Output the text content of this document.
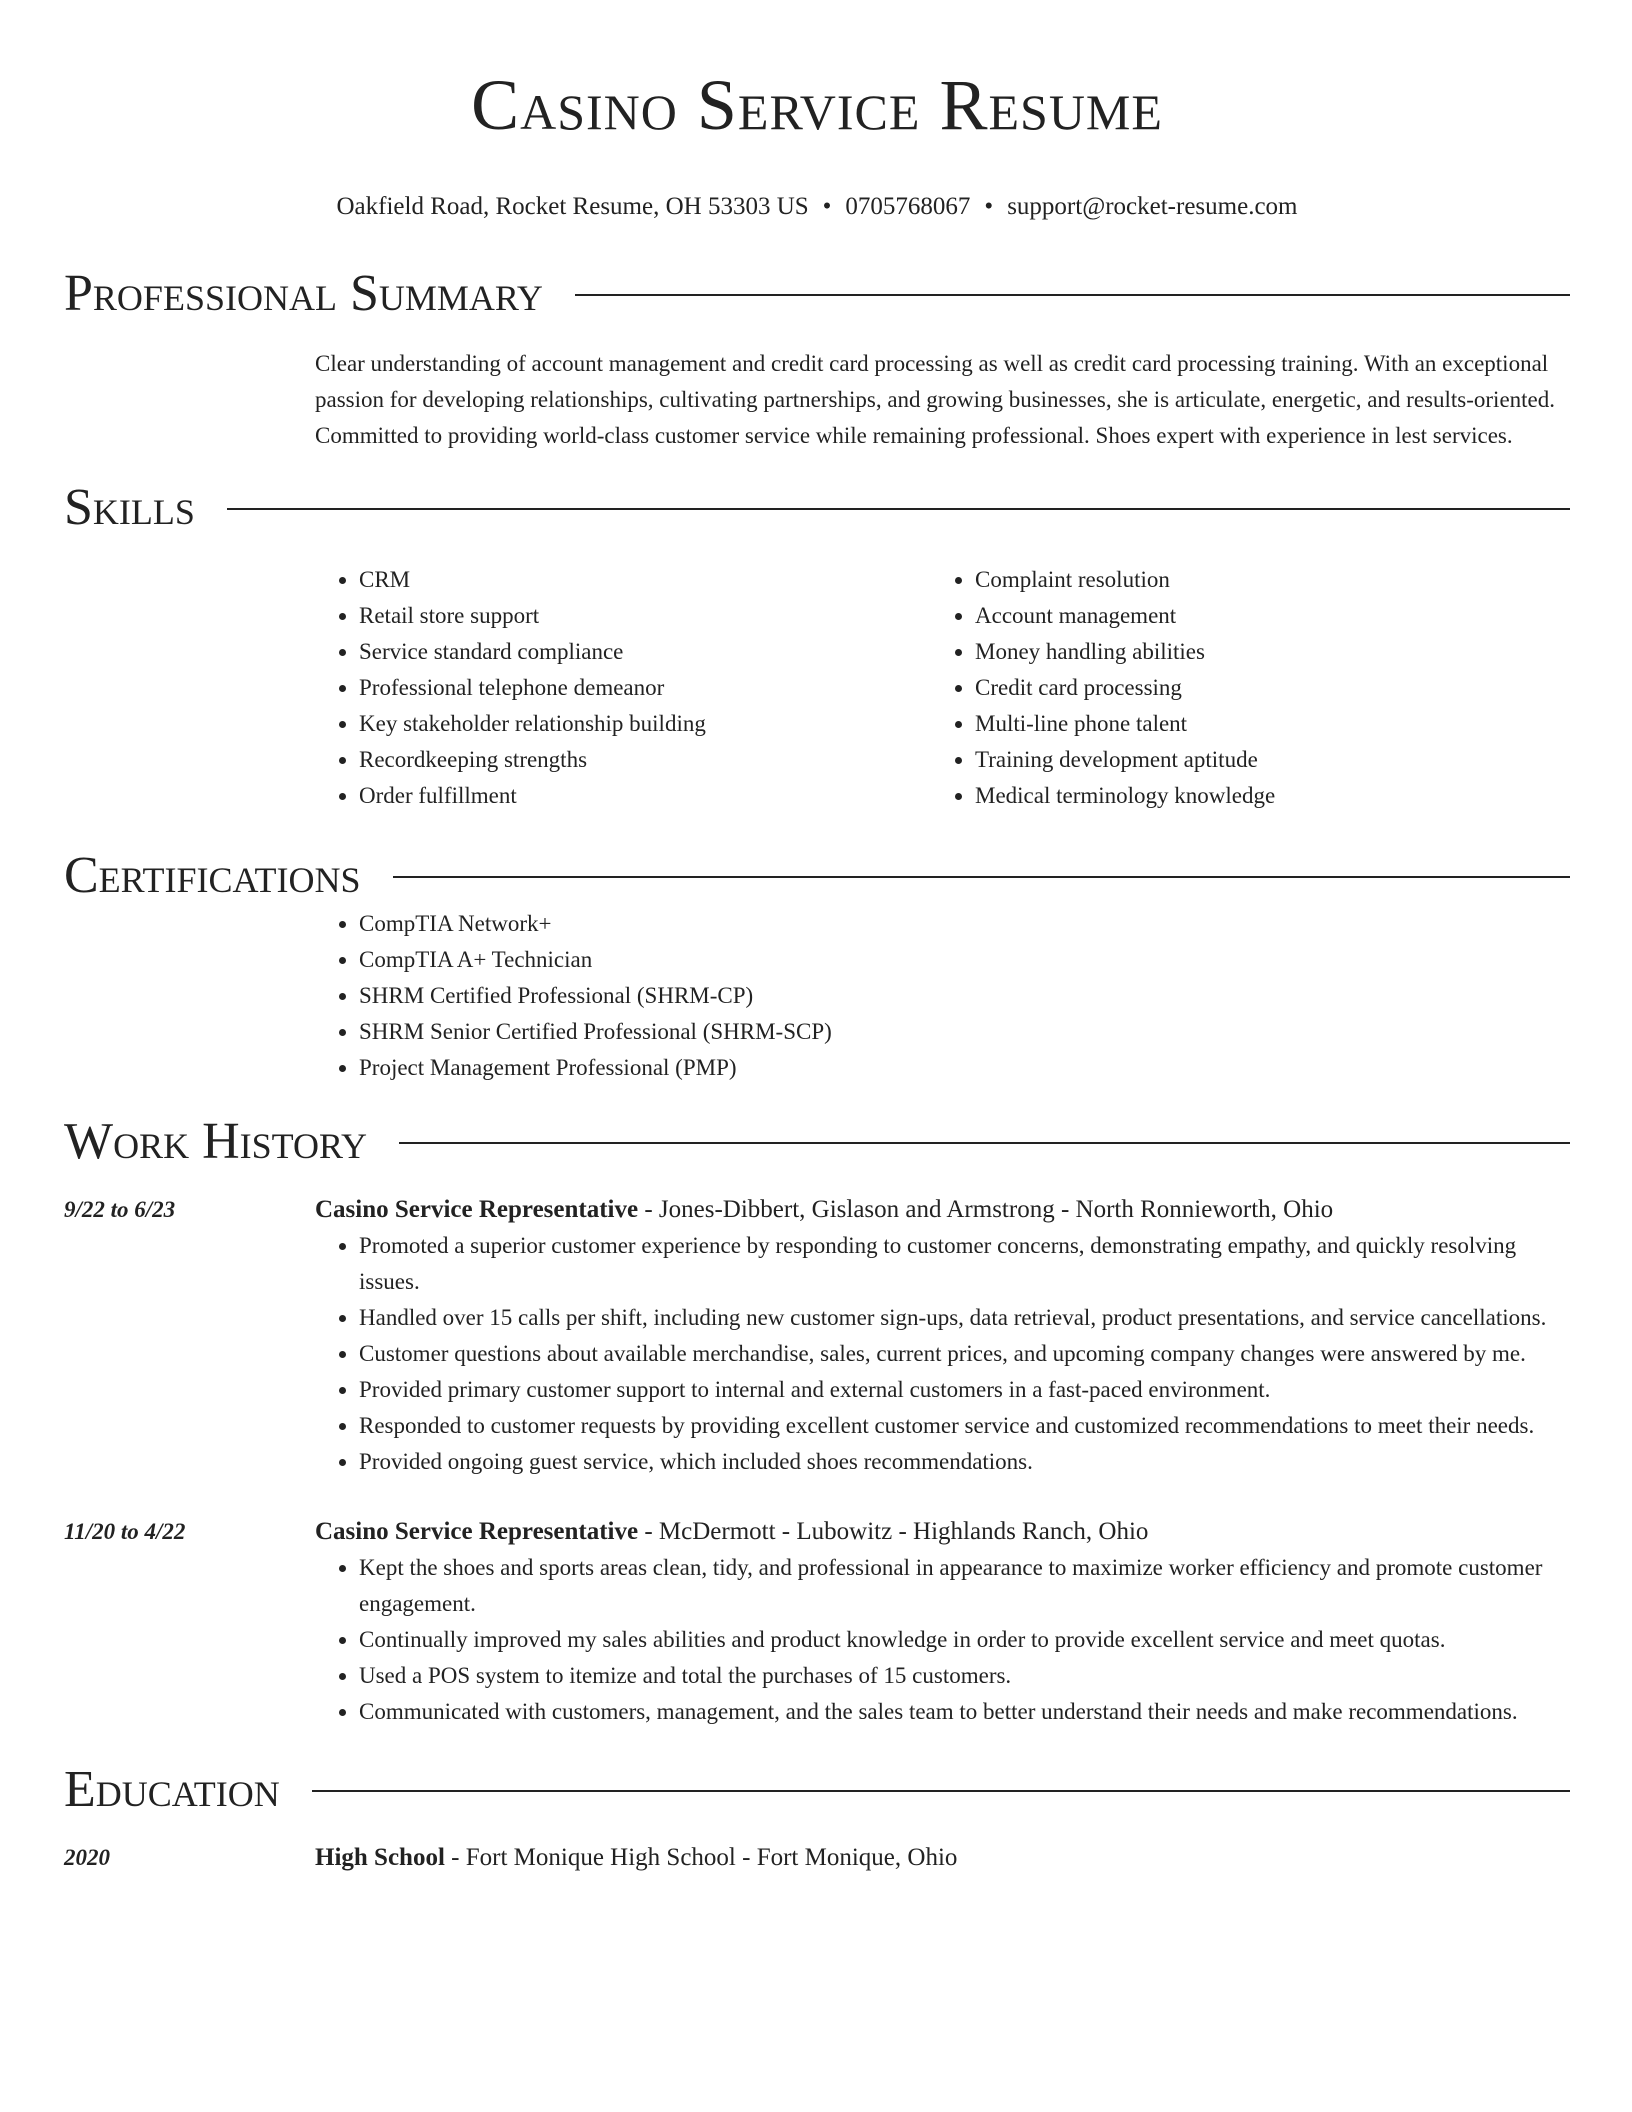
Casino Service Resume
Oakfield Road, Rocket Resume, OH 53303 US • 0705768067 • support@rocket-resume.com
Professional Summary

Clear understanding of account management and credit card processing as well as credit card processing training. With an exceptional passion for developing relationships, cultivating partnerships, and growing businesses, she is articulate, energetic, and results-oriented. Committed to providing world-class customer service while remaining professional. Shoes expert with experience in lest services.

Skills
• CRM
• Retail store support
• Service standard compliance
• Professional telephone demeanor
• Key stakeholder relationship building
• Recordkeeping strengths
• Order fulfillment
• Complaint resolution
• Account management
• Money handling abilities
• Credit card processing
• Multi-line phone talent
• Training development aptitude
• Medical terminology knowledge
Certifications
• CompTIA Network+
• CompTIA A+ Technician
• SHRM Certified Professional (SHRM-CP)
• SHRM Senior Certified Professional (SHRM-SCP)
• Project Management Professional (PMP)
Work History
9/22 to 6/23	Casino Service Representative - Jones-Dibbert, Gislason and Armstrong - North Ronnieworth, Ohio
• Promoted a superior customer experience by responding to customer concerns, demonstrating empathy, and quickly resolving issues.
• Handled over 15 calls per shift, including new customer sign-ups, data retrieval, product presentations, and service cancellations.
• Customer questions about available merchandise, sales, current prices, and upcoming company changes were answered by me.
• Provided primary customer support to internal and external customers in a fast-paced environment.
• Responded to customer requests by providing excellent customer service and customized recommendations to meet their needs.
• Provided ongoing guest service, which included shoes recommendations.
11/20 to 4/22	Casino Service Representative - McDermott - Lubowitz - Highlands Ranch, Ohio
• Kept the shoes and sports areas clean, tidy, and professional in appearance to maximize worker efficiency and promote customer engagement.
• Continually improved my sales abilities and product knowledge in order to provide excellent service and meet quotas.
• Used a POS system to itemize and total the purchases of 15 customers.
• Communicated with customers, management, and the sales team to better understand their needs and make recommendations.
Education
2020	High School - Fort Monique High School - Fort Monique, Ohio
